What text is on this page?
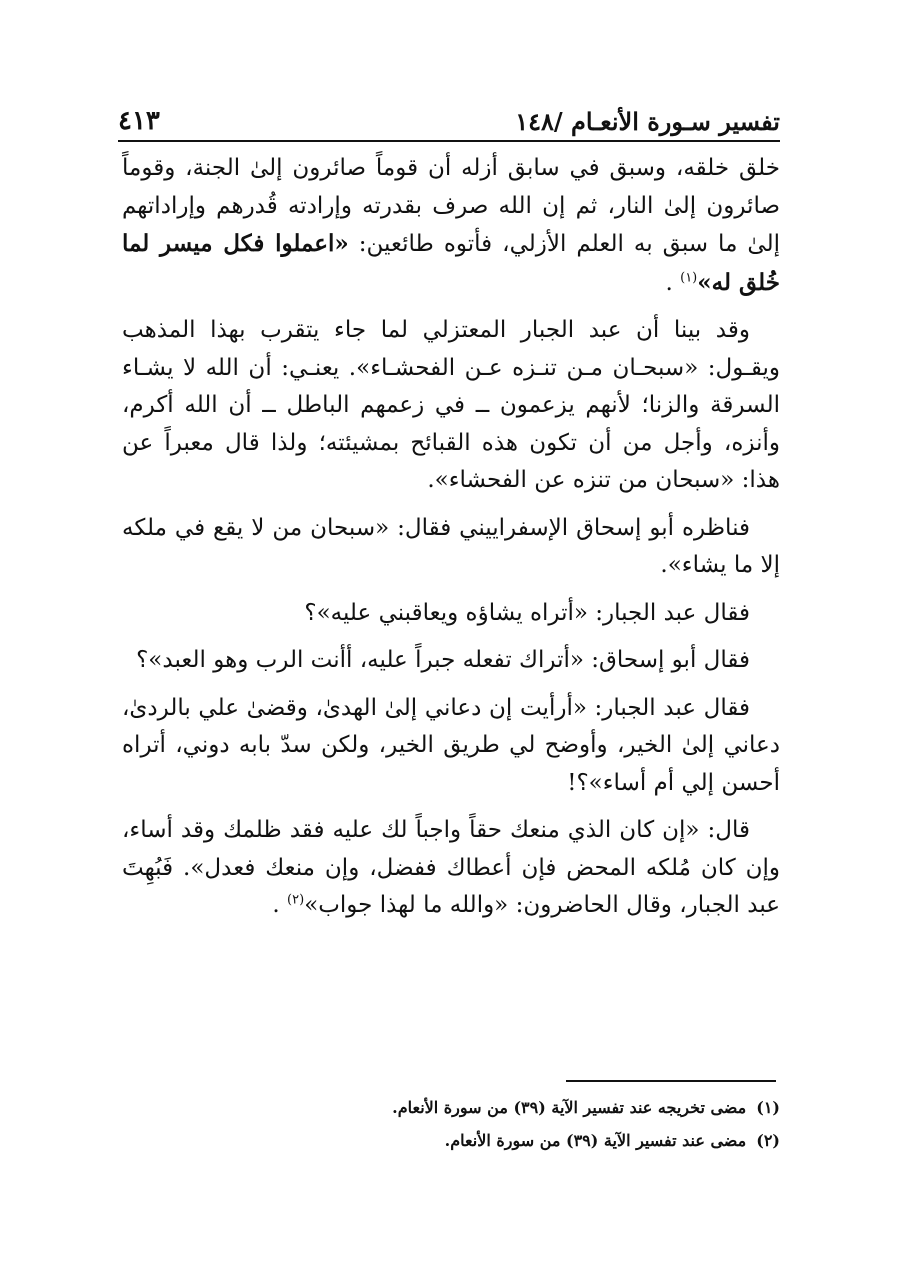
تفسير سـورة الأنعـام /١٤٨
٤١٣

خلق خلقه، وسبق في سابق أزله أن قوماً صائرون إلىٰ الجنة، وقوماً صائرون إلىٰ النار، ثم إن الله صرف بقدرته وإرادته قُدرهم وإراداتهم إلىٰ ما سبق به العلم الأزلي، فأتوه طائعين: «اعملوا فكل ميسر لما خُلق له»$^{(١)}$ .

وقد بينا أن عبد الجبار المعتزلي لما جاء يتقرب بهذا المذهب ويقـول: «سبحـان مـن تنـزه عـن الفحشـاء». يعنـي: أن الله لا يشـاء السرقة والزنا؛ لأنهم يزعمون ــ في زعمهم الباطل ــ أن الله أكرم، وأنزه، وأجل من أن تكون هذه القبائح بمشيئته؛ ولذا قال معبراً عن هذا: «سبحان من تنزه عن الفحشاء».

فناظره أبو إسحاق الإسفراييني فقال: «سبحان من لا يقع في ملكه إلا ما يشاء».

فقال عبد الجبار: «أتراه يشاؤه ويعاقبني عليه»؟

فقال أبو إسحاق: «أتراك تفعله جبراً عليه، أأنت الرب وهو العبد»؟

فقال عبد الجبار: «أرأيت إن دعاني إلىٰ الهدىٰ، وقضىٰ علي بالردىٰ، دعاني إلىٰ الخير، وأوضح لي طريق الخير، ولكن سدّ بابه دوني، أتراه أحسن إلي أم أساء»؟!

قال: «إن كان الذي منعك حقاً واجباً لك عليه فقد ظلمك وقد أساء، وإن كان مُلكه المحض فإن أعطاك ففضل، وإن منعك فعدل». فَبُهِتَ عبد الجبار، وقال الحاضرون: «والله ما لهذا جواب»$^{(٢)}$ .

(١)مضى تخريجه عند تفسير الآية (٣٩) من سورة الأنعام.

(٢)مضى عند تفسير الآية (٣٩) من سورة الأنعام.
